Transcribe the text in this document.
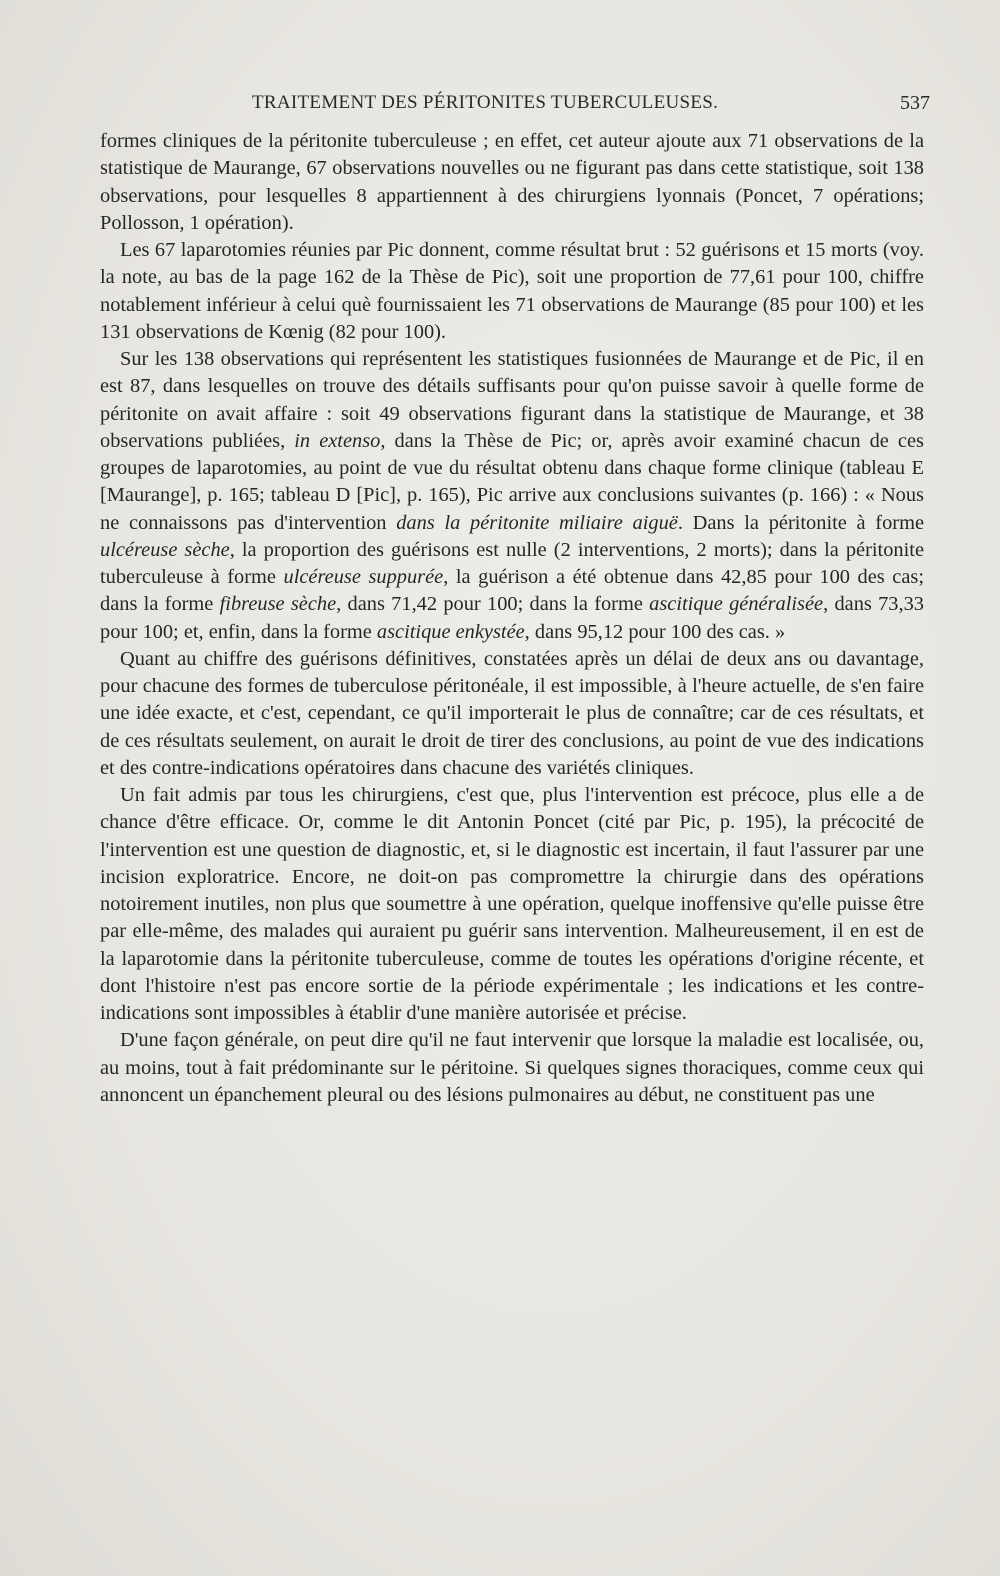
TRAITEMENT DES PÉRITONITES TUBERCULEUSES.	537

formes cliniques de la péritonite tuberculeuse ; en effet, cet auteur ajoute aux 71 observations de la statistique de Maurange, 67 observations nouvelles ou ne figurant pas dans cette statistique, soit 138 observations, pour lesquelles 8 appartiennent à des chirurgiens lyonnais (Poncet, 7 opérations; Pollosson, 1 opération).

Les 67 laparotomies réunies par Pic donnent, comme résultat brut : 52 guérisons et 15 morts (voy. la note, au bas de la page 162 de la Thèse de Pic), soit une proportion de 77,61 pour 100, chiffre notablement inférieur à celui què fournissaient les 71 observations de Maurange (85 pour 100) et les 131 observations de Kœnig (82 pour 100).

Sur les 138 observations qui représentent les statistiques fusionnées de Maurange et de Pic, il en est 87, dans lesquelles on trouve des détails suffisants pour qu'on puisse savoir à quelle forme de péritonite on avait affaire : soit 49 observations figurant dans la statistique de Maurange, et 38 observations publiées, in extenso, dans la Thèse de Pic; or, après avoir examiné chacun de ces groupes de laparotomies, au point de vue du résultat obtenu dans chaque forme clinique (tableau E [Maurange], p. 165; tableau D [Pic], p. 165), Pic arrive aux conclusions suivantes (p. 166) : « Nous ne connaissons pas d'intervention dans la péritonite miliaire aiguë. Dans la péritonite à forme ulcéreuse sèche, la proportion des guérisons est nulle (2 interventions, 2 morts); dans la péritonite tuberculeuse à forme ulcéreuse suppurée, la guérison a été obtenue dans 42,85 pour 100 des cas; dans la forme fibreuse sèche, dans 71,42 pour 100; dans la forme ascitique généralisée, dans 73,33 pour 100; et, enfin, dans la forme ascitique enkystée, dans 95,12 pour 100 des cas. »

Quant au chiffre des guérisons définitives, constatées après un délai de deux ans ou davantage, pour chacune des formes de tuberculose péritonéale, il est impossible, à l'heure actuelle, de s'en faire une idée exacte, et c'est, cependant, ce qu'il importerait le plus de connaître; car de ces résultats, et de ces résultats seulement, on aurait le droit de tirer des conclusions, au point de vue des indications et des contre-indications opératoires dans chacune des variétés cliniques.

Un fait admis par tous les chirurgiens, c'est que, plus l'intervention est précoce, plus elle a de chance d'être efficace. Or, comme le dit Antonin Poncet (cité par Pic, p. 195), la précocité de l'intervention est une question de diagnostic, et, si le diagnostic est incertain, il faut l'assurer par une incision exploratrice. Encore, ne doit-on pas compromettre la chirurgie dans des opérations notoirement inutiles, non plus que soumettre à une opération, quelque inoffensive qu'elle puisse être par elle-même, des malades qui auraient pu guérir sans intervention. Malheureusement, il en est de la laparotomie dans la péritonite tuberculeuse, comme de toutes les opérations d'origine récente, et dont l'histoire n'est pas encore sortie de la période expérimentale ; les indications et les contre-indications sont impossibles à établir d'une manière autorisée et précise.

D'une façon générale, on peut dire qu'il ne faut intervenir que lorsque la maladie est localisée, ou, au moins, tout à fait prédominante sur le péritoine. Si quelques signes thoraciques, comme ceux qui annoncent un épanchement pleural ou des lésions pulmonaires au début, ne constituent pas une
